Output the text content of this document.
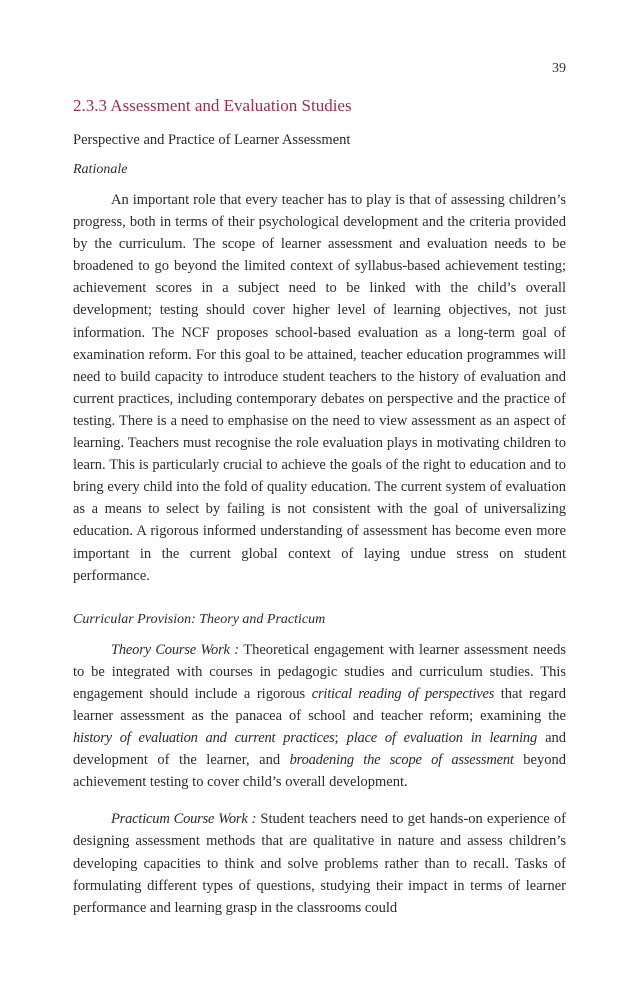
39
2.3.3 Assessment and Evaluation Studies
Perspective and Practice of Learner Assessment
Rationale

An important role that every teacher has to play is that of assessing children’s progress, both in terms of their psychological development and the criteria provided by the curriculum. The scope of learner assessment and evaluation needs to be broadened to go beyond the limited context of syllabus-based achievement testing; achievement scores in a subject need to be linked with the child’s overall development; testing should cover higher level of learning objectives, not just information. The NCF proposes school-based evaluation as a long-term goal of examination reform. For this goal to be attained, teacher education programmes will need to build capacity to introduce student teachers to the history of evaluation and current practices, including contemporary debates on perspective and the practice of testing. There is a need to emphasise on the need to view assessment as an aspect of learning. Teachers must recognise the role evaluation plays in motivating children to learn. This is particularly crucial to achieve the goals of the right to education and to bring every child into the fold of quality education. The current system of evaluation as a means to select by failing is not consistent with the goal of universalizing education. A rigorous informed understanding of assessment has become even more important in the current global context of laying undue stress on student performance.

Curricular Provision: Theory and Practicum

Theory Course Work : Theoretical engagement with learner assessment needs to be integrated with courses in pedagogic studies and curriculum studies. This engagement should include a rigorous critical reading of perspectives that regard learner assessment as the panacea of school and teacher reform; examining the history of evaluation and current practices; place of evaluation in learning and development of the learner, and broadening the scope of assessment beyond achievement testing to cover child’s overall development.

Practicum Course Work : Student teachers need to get hands-on experience of designing assessment methods that are qualitative in nature and assess children’s developing capacities to think and solve problems rather than to recall. Tasks of formulating different types of questions, studying their impact in terms of learner performance and learning grasp in the classrooms could
